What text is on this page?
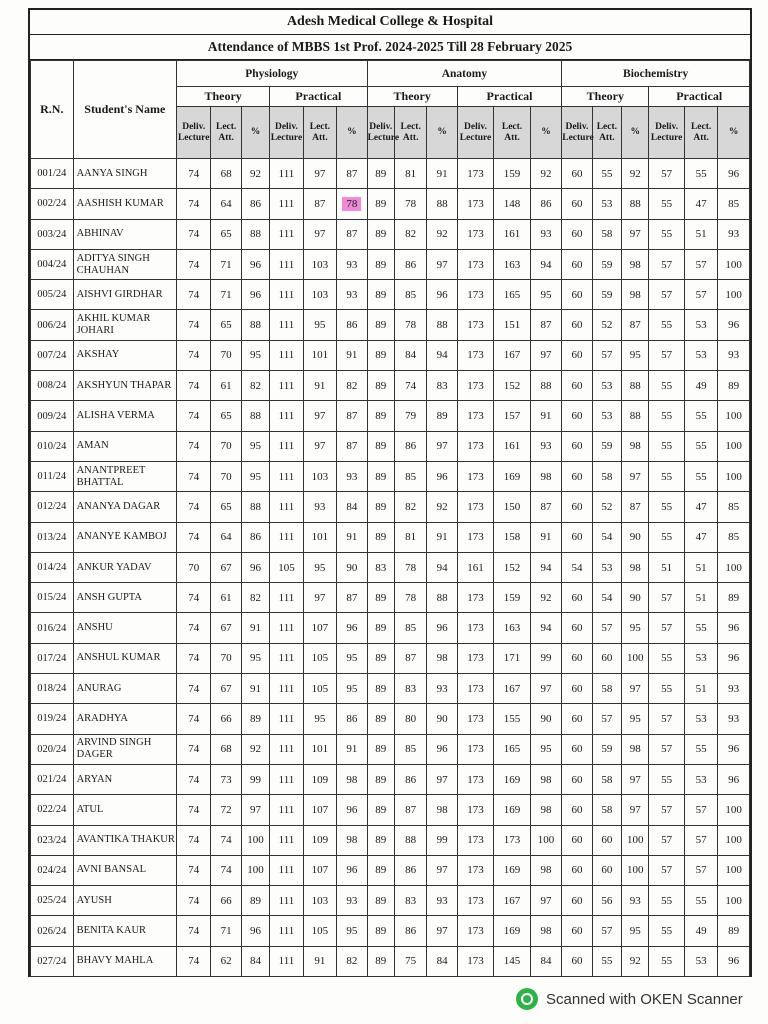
Adesh Medical College & Hospital
Attendance of MBBS 1st Prof. 2024-2025 Till 28 February 2025
R.N.	Student's Name	Physiology						Anatomy						Biochemistry					
		Theory			Practical			Theory			Practical			Theory			Practical		
		Deliv. Lecture	Lect. Att.	%	Deliv. Lecture	Lect. Att.	%	Deliv. Lecture	Lect. Att.	%	Deliv. Lecture	Lect. Att.	%	Deliv. Lecture	Lect. Att.	%	Deliv. Lecture	Lect. Att.	%
001/24	AANYA SINGH	74	68	92	111	97	87	89	81	91	173	159	92	60	55	92	57	55	96
002/24	AASHISH KUMAR	74	64	86	111	87	78	89	78	88	173	148	86	60	53	88	55	47	85
003/24	ABHINAV	74	65	88	111	97	87	89	82	92	173	161	93	60	58	97	55	51	93
004/24	ADITYA SINGH CHAUHAN	74	71	96	111	103	93	89	86	97	173	163	94	60	59	98	57	57	100
005/24	AISHVI GIRDHAR	74	71	96	111	103	93	89	85	96	173	165	95	60	59	98	57	57	100
006/24	AKHIL KUMAR JOHARI	74	65	88	111	95	86	89	78	88	173	151	87	60	52	87	55	53	96
007/24	AKSHAY	74	70	95	111	101	91	89	84	94	173	167	97	60	57	95	57	53	93
008/24	AKSHYUN THAPAR	74	61	82	111	91	82	89	74	83	173	152	88	60	53	88	55	49	89
009/24	ALISHA VERMA	74	65	88	111	97	87	89	79	89	173	157	91	60	53	88	55	55	100
010/24	AMAN	74	70	95	111	97	87	89	86	97	173	161	93	60	59	98	55	55	100
011/24	ANANTPREET BHATTAL	74	70	95	111	103	93	89	85	96	173	169	98	60	58	97	55	55	100
012/24	ANANYA DAGAR	74	65	88	111	93	84	89	82	92	173	150	87	60	52	87	55	47	85
013/24	ANANYE KAMBOJ	74	64	86	111	101	91	89	81	91	173	158	91	60	54	90	55	47	85
014/24	ANKUR YADAV	70	67	96	105	95	90	83	78	94	161	152	94	54	53	98	51	51	100
015/24	ANSH GUPTA	74	61	82	111	97	87	89	78	88	173	159	92	60	54	90	57	51	89
016/24	ANSHU	74	67	91	111	107	96	89	85	96	173	163	94	60	57	95	57	55	96
017/24	ANSHUL KUMAR	74	70	95	111	105	95	89	87	98	173	171	99	60	60	100	55	53	96
018/24	ANURAG	74	67	91	111	105	95	89	83	93	173	167	97	60	58	97	55	51	93
019/24	ARADHYA	74	66	89	111	95	86	89	80	90	173	155	90	60	57	95	57	53	93
020/24	ARVIND SINGH DAGER	74	68	92	111	101	91	89	85	96	173	165	95	60	59	98	57	55	96
021/24	ARYAN	74	73	99	111	109	98	89	86	97	173	169	98	60	58	97	55	53	96
022/24	ATUL	74	72	97	111	107	96	89	87	98	173	169	98	60	58	97	57	57	100
023/24	AVANTIKA THAKUR	74	74	100	111	109	98	89	88	99	173	173	100	60	60	100	57	57	100
024/24	AVNI BANSAL	74	74	100	111	107	96	89	86	97	173	169	98	60	60	100	57	57	100
025/24	AYUSH	74	66	89	111	103	93	89	83	93	173	167	97	60	56	93	55	55	100
026/24	BENITA KAUR	74	71	96	111	105	95	89	86	97	173	169	98	60	57	95	55	49	89
027/24	BHAVY MAHLA	74	62	84	111	91	82	89	75	84	173	145	84	60	55	92	55	53	96
Scanned with OKEN Scanner
